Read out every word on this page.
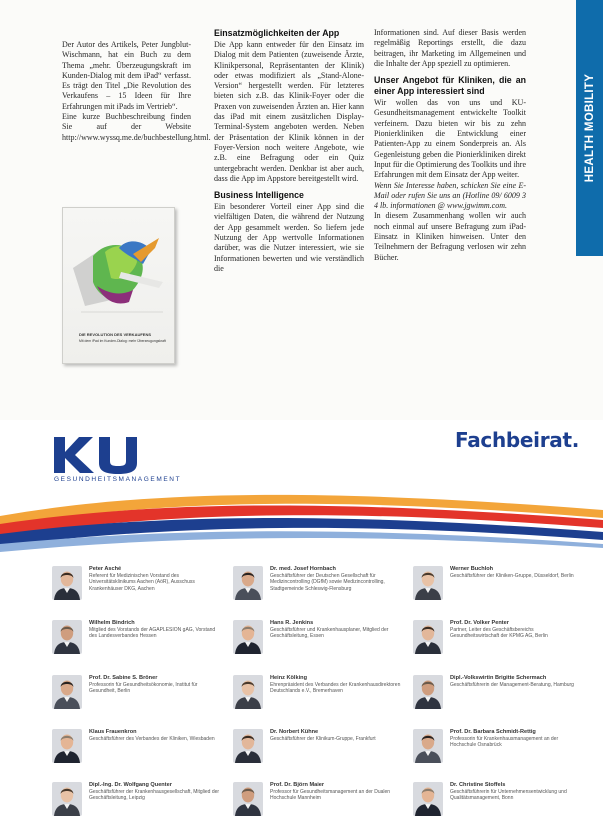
Der Autor des Artikels, Peter Jungblut-Wischmann, hat ein Buch zu dem Thema „mehr. Überzeugungskraft im Kunden-Dialog mit dem iPad“ verfasst. Es trägt den Titel „Die Revolution des Verkaufens – 15 Ideen für Ihre Erfahrungen mit iPads im Vertrieb“.

Eine kurze Buchbeschreibung finden Sie auf der Website http://www.wyssq.me.de/buchbestellung.html.

DIE REVOLUTION DES VERKAUFENS
Mit dem iPad im Kunden-Dialog: mehr Überzeugungskraft

Einsatzmöglichkeiten der App

Die App kann entweder für den Einsatz im Dialog mit dem Patienten (zuweisende Ärzte, Klinikpersonal, Repräsentanten der Klinik) oder etwas modifiziert als „Stand-Alone-Version“ hergestellt werden. Für letzteres bieten sich z.B. das Klinik-Foyer oder die Praxen von zuweisenden Ärzten an. Hier kann das iPad mit einem zusätzlichen Display-Terminal-System angeboten werden. Neben der Präsentation der Klinik können in der Foyer-Version noch weitere Angebote, wie z.B. eine Befragung oder ein Quiz untergebracht werden. Denkbar ist aber auch, dass die App im Appstore bereitgestellt wird.

Business Intelligence

Ein besonderer Vorteil einer App sind die vielfältigen Daten, die während der Nutzung der App gesammelt werden. So liefern jede Nutzung der App wertvolle Informationen darüber, was die Nutzer interessiert, wie sie Informationen bewerten und wie verständlich die

Informationen sind. Auf dieser Basis werden regelmäßig Reportings erstellt, die dazu beitragen, ihr Marketing im Allgemeinen und die Inhalte der App speziell zu optimieren.

Unser Angebot für Kliniken, die an einer App interessiert sind

Wir wollen das von uns und KU-Gesundheitsmanagement entwickelte Toolkit verfeinern. Dazu bieten wir bis zu zehn Pionierkliniken die Entwicklung einer Patienten-App zu einem Sonderpreis an. Als Gegenleistung geben die Pionierkliniken direkt Input für die Optimierung des Toolkits und ihre Erfahrungen mit dem Einsatz der App weiter.

Wenn Sie Interesse haben, schicken Sie eine E-Mail oder rufen Sie uns an (Hotline 09/ 6009 3 4 lb. informationen @ www.jgwimm.com.

In diesem Zusammenhang wollen wir auch noch einmal auf unsere Befragung zum iPad-Einsatz in Kliniken hinweisen. Unter den Teilnehmern der Befragung verlosen wir zehn Bücher.

HEALTH MOBILITY
GESUNDHEITSMANAGEMENT
Fachbeirat.
Peter Asché
Referent für Medizinischen Vorstand des Universitätsklinikums Aachen (AöR), Ausschuss Krankenhäuser DKG, Aachen
Dr. med. Josef Hornbach
Geschäftsführer der Deutschen Gesellschaft für Medizincontrolling (DGfM) sowie Medizincontrolling, Stadtgemeinde Schleswig-Flensburg
Werner Buchloh
Geschäftsführer der Kliniken-Gruppe, Düsseldorf, Berlin
Wilhelm Bindrich
Mitglied des Vorstands der AGAPLESION gAG, Vorstand des Landesverbandes Hessen
Hans R. Jenkins
Geschäftsführer und Krankenhausplaner, Mitglied der Geschäftsleitung, Essen
Prof. Dr. Volker Penter
Partner, Leiter des Geschäftsbereichs Gesundheitswirtschaft der KPMG AG, Berlin
Prof. Dr. Sabine S. Bröner
Professorin für Gesundheitsökonomie, Institut für Gesundheit, Berlin
Heinz Kölking
Ehrenpräsident des Verbandes der Krankenhausdirektoren Deutschlands e.V., Bremerhaven
Dipl.-Volkswirtin Brigitte Schermach
Geschäftsführerin der Management-Beratung, Hamburg
Klaus Frauenkron
Geschäftsführer des Verbandes der Kliniken, Wiesbaden
Dr. Norbert Kühne
Geschäftsführer der Klinikum-Gruppe, Frankfurt
Prof. Dr. Barbara Schmidt-Rettig
Professorin für Krankenhausmanagement an der Hochschule Osnabrück
Dipl.-Ing. Dr. Wolfgang Quenter
Geschäftsführer der Krankenhausgesellschaft, Mitglied der Geschäftsleitung, Leipzig
Prof. Dr. Björn Maier
Professor für Gesundheitsmanagement an der Dualen Hochschule Mannheim
Dr. Christine Stoffels
Geschäftsführerin für Unternehmensentwicklung und Qualitätsmanagement, Bonn
